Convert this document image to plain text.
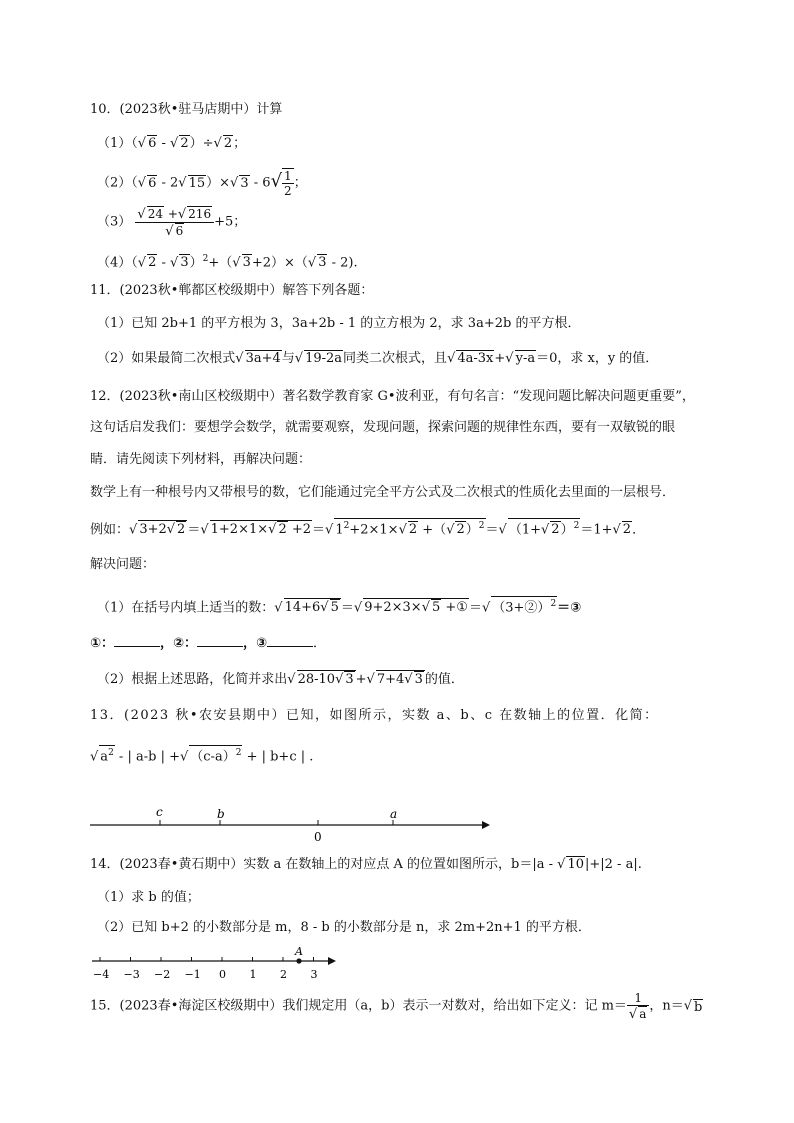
10．(2023秋•驻马店期中）计算
（1）（√ 6 - √ 2）÷√ 2；
（2）（√ 6 - 2√ 15）×√ $3 - 6√ \frac{1}{2}$ ；
$(3) \frac{√ 24 +√ 216}{√ 6} +5$；
（4）（√ 2 - √ 3）$^2$+（√ 3+2）×（√ 3 - 2).
11．(2023秋•郸都区校级期中）解答下列各题：
（1）已知 2b+1 的平方根为 3，3a+2b - 1 的立方根为 2，求 3a+2b 的平方根．
（2）如果最简二次根式√ 3a+4与√ 19-2a同类二次根式，且√ 4a-3x+√ y-a＝0，求 x，y 的值．
12．(2023秋•南山区校级期中）著名数学教育家 G•波利亚，有句名言：“发现问题比解决问题更重要”，
这句话启发我们：要想学会数学，就需要观察，发现问题，探索问题的规律性东西，要有一双敏锐的眼
睛．请先阅读下列材料，再解决问题：
数学上有一种根号内又带根号的数，它们能通过完全平方公式及二次根式的性质化去里面的一层根号．
例如：√ 3+2√ 2 ＝√ 1+2×1×√ 2 +2＝√ $1^2+2\times 1\times√$ 2 +（√ 2）$^2$＝√ （1+√ 2）$^2$＝1+√ 2．
解决问题：
（1）在括号内填上适当的数：√ 14+6√ 5 ＝√ 9+2×3×√ 5 +①＝√ （3+②）$^2$＝③
①：	，②：	，③	．
（2）根据上述思路，化简并求出√ 28-10√ 3 +√ 7+4√ 3 的值．
13．(2023 秋•农安县期中）已知，如图所示，实数 a、b、c 在数轴上的位置．化简：
√ $a^2$ - | a-b | +√ $(c-a)^2$ + | b+c | .
c	b
0
a
14．(2023春•黄石期中）实数 a 在数轴上的对应点 A 的位置如图所示，b＝|a - √ 10|+|2 - a|.
（1）求 b 的值；
（2）已知 b+2 的小数部分是 m，8 - b 的小数部分是 n，求 2m+2n+1 的平方根．
−4 −3 −2 −1 0 1 2 3
A
15．(2023春•海淀区校级期中）我们规定用（a，b）表示一对数对，给出如下定义：记 $m= \frac{1}{√ a}$ ，n＝√ b
